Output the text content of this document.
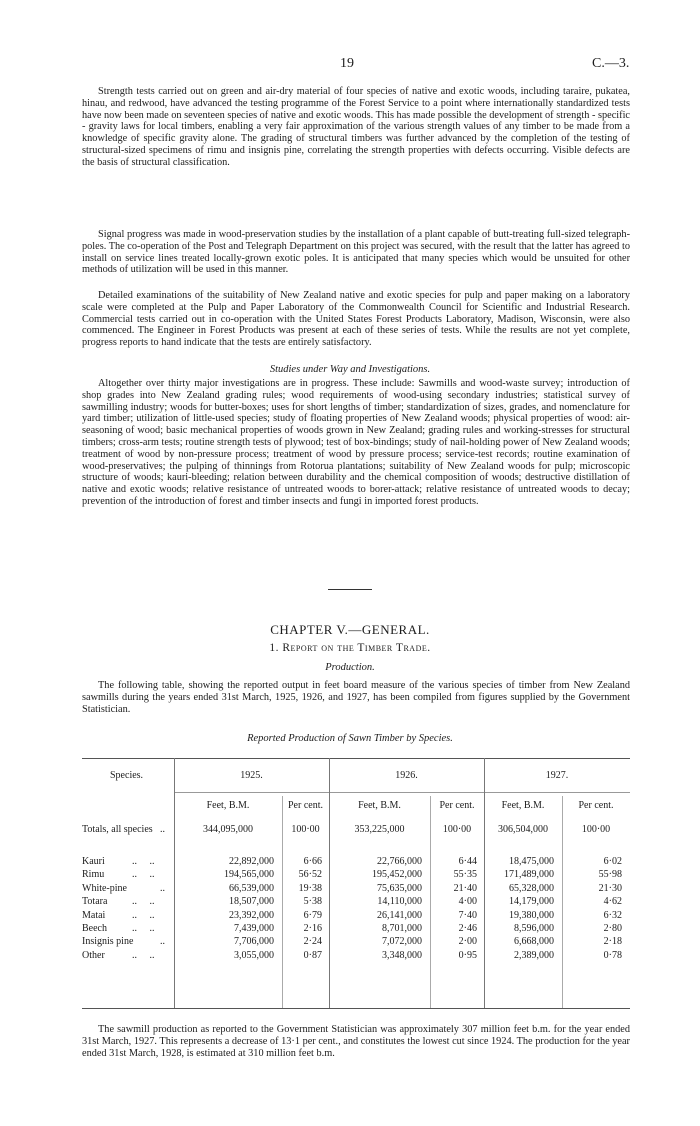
19	C.—3.

Strength tests carried out on green and air-dry material of four species of native and exotic woods, including taraire, pukatea, hinau, and redwood, have advanced the testing programme of the Forest Service to a point where internationally standardized tests have now been made on seventeen species of native and exotic woods. This has made possible the development of strength - specific - gravity laws for local timbers, enabling a very fair approximation of the various strength values of any timber to be made from a knowledge of specific gravity alone. The grading of structural timbers was further advanced by the completion of the testing of structural-sized specimens of rimu and insignis pine, correlating the strength properties with defects occurring. Visible defects are the basis of structural classification.

Signal progress was made in wood-preservation studies by the installation of a plant capable of butt-treating full-sized telegraph-poles. The co-operation of the Post and Telegraph Department on this project was secured, with the result that the latter has agreed to install on service lines treated locally-grown exotic poles. It is anticipated that many species which would be unsuited for other methods of utilization will be used in this manner.

Detailed examinations of the suitability of New Zealand native and exotic species for pulp and paper making on a laboratory scale were completed at the Pulp and Paper Laboratory of the Commonwealth Council for Scientific and Industrial Research. Commercial tests carried out in co-operation with the United States Forest Products Laboratory, Madison, Wisconsin, were also commenced. The Engineer in Forest Products was present at each of these series of tests. While the results are not yet complete, progress reports to hand indicate that the tests are entirely satisfactory.

Studies under Way and Investigations.

Altogether over thirty major investigations are in progress. These include: Sawmills and wood-waste survey; introduction of shop grades into New Zealand grading rules; wood requirements of wood-using secondary industries; statistical survey of sawmilling industry; woods for butter-boxes; uses for short lengths of timber; standardization of sizes, grades, and nomenclature for yard timber; utilization of little-used species; study of floating properties of New Zealand woods; physical properties of wood: air-seasoning of wood; basic mechanical properties of woods grown in New Zealand; grading rules and working-stresses for structural timbers; cross-arm tests; routine strength tests of plywood; test of box-bindings; study of nail-holding power of New Zealand woods; treatment of wood by non-pressure process; treatment of wood by pressure process; service-test records; routine examination of wood-preservatives; the pulping of thinnings from Rotorua plantations; suitability of New Zealand woods for pulp; microscopic structure of woods; kauri-bleeding; relation between durability and the chemical composition of woods; destructive distillation of native and exotic woods; relative resistance of untreated woods to borer-attack; relative resistance of untreated woods to decay; prevention of the introduction of forest and timber insects and fungi in imported forest products.

CHAPTER V.—GENERAL.
1. Report on the Timber Trade.
Production.

The following table, showing the reported output in feet board measure of the various species of timber from New Zealand sawmills during the years ended 31st March, 1925, 1926, and 1927, has been compiled from figures supplied by the Government Statistician.

Reported Production of Sawn Timber by Species.
Species.	1925.	1926.	1927.
Feet, B.M.	Per cent.	Feet, B.M.	Per cent.	Feet, B.M.	Per cent.
Totals, all species ..	344,095,000	100·00	353,225,000	100·00	306,504,000	100·00
Kauri	..     ..	22,892,000	6·66	22,766,000	6·44	18,475,000	6·02
Rimu	..     ..	194,565,000	56·52	195,452,000	55·35	171,489,000	55·98
White-pine	..	66,539,000	19·38	75,635,000	21·40	65,328,000	21·30
Totara ..     ..	18,507,000	5·38	14,110,000	4·00	14,179,000	4·62
Matai	..     ..	23,392,000	6·79	26,141,000	7·40	19,380,000	6·32
Beech	..     ..	7,439,000	2·16	8,701,000	2·46	8,596,000	2·80
Insignis pine	..	7,706,000	2·24	7,072,000	2·00	6,668,000	2·18
Other	..     ..	3,055,000	0·87	3,348,000	0·95	2,389,000	0·78

The sawmill production as reported to the Government Statistician was approximately 307 million feet b.m. for the year ended 31st March, 1927. This represents a decrease of 13·1 per cent., and constitutes the lowest cut since 1924. The production for the year ended 31st March, 1928, is estimated at 310 million feet b.m.
